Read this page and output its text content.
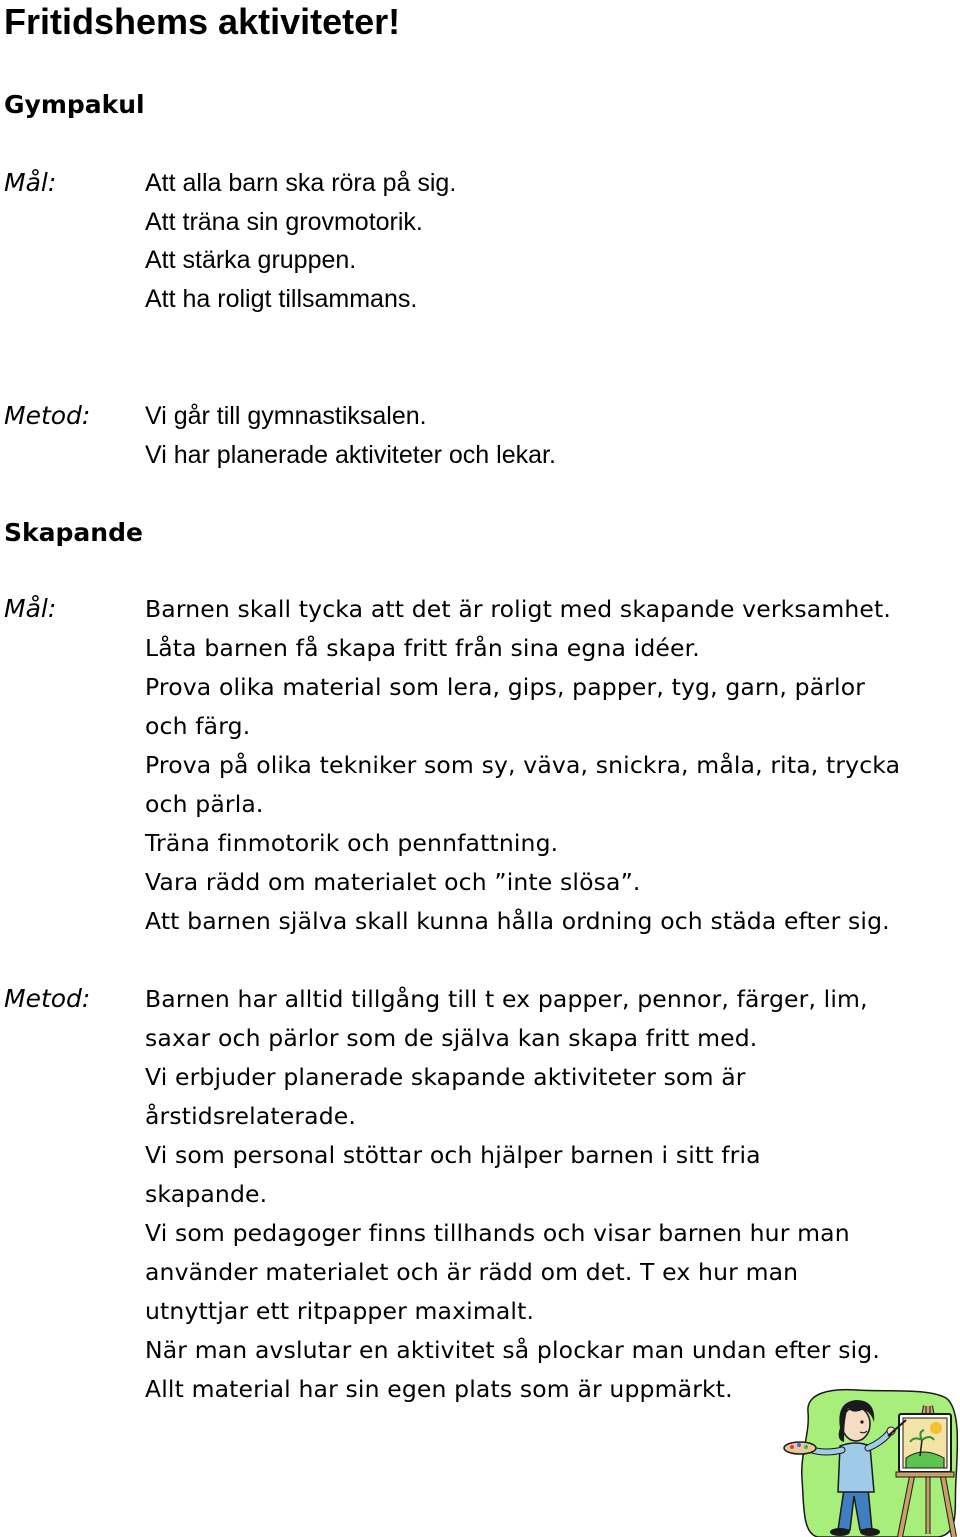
Fritidshems aktiviteter!
Gympakul
Mål:	Att alla barn ska röra på sig.
Att träna sin grovmotorik.
Att stärka gruppen.
Att ha roligt tillsammans.
Metod: Vi går till gymnastiksalen.
Vi har planerade aktiviteter och lekar.
Skapande
Mål:	Barnen skall tycka att det är roligt med skapande verksamhet.
Låta barnen få skapa fritt från sina egna idéer.
Prova olika material som lera, gips, papper, tyg, garn, pärlor
och färg.
Prova på olika tekniker som sy, väva, snickra, måla, rita, trycka
och pärla.
Träna finmotorik och pennfattning.
Vara rädd om materialet och ”inte slösa”.
Att barnen själva skall kunna hålla ordning och städa efter sig.
Metod: Barnen har alltid tillgång till t ex papper, pennor, färger, lim,
saxar och pärlor som de själva kan skapa fritt med.
Vi erbjuder planerade skapande aktiviteter som är
årstidsrelaterade.
Vi som personal stöttar och hjälper barnen i sitt fria
skapande.
Vi som pedagoger finns tillhands och visar barnen hur man
använder materialet och är rädd om det. T ex hur man
utnyttjar ett ritpapper maximalt.
När man avslutar en aktivitet så plockar man undan efter sig.
Allt material har sin egen plats som är uppmärkt.
